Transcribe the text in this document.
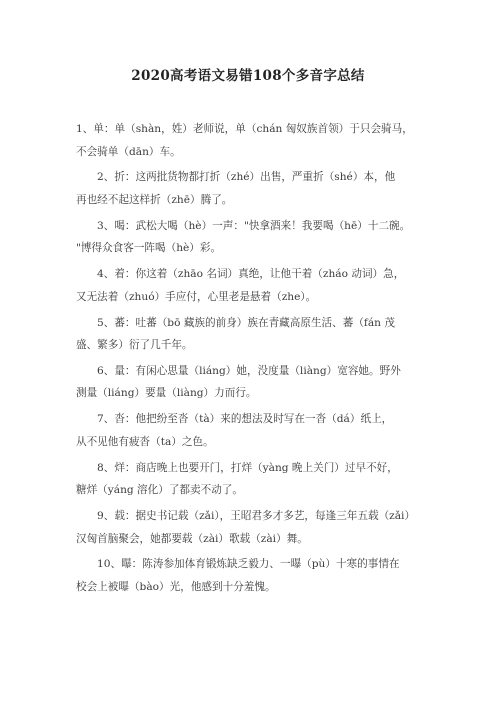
2020高考语文易错108个多音字总结

1、单：单（shàn，姓）老师说，单（chán 匈奴族首领）于只会骑马，
不会骑单（dān）车。

2、折：这两批货物都打折（zhé）出售，严重折（shé）本，他
再也经不起这样折（zhē）腾了。

3、喝：武松大喝（hè）一声："快拿酒来！我要喝（hē）十二碗。
"博得众食客一阵喝（hè）彩。

4、着：你这着（zhāo 名词）真绝，让他干着（zháo 动词）急，
又无法着（zhuó）手应付，心里老是悬着（zhe）。

5、蕃：吐蕃（bō 藏族的前身）族在青藏高原生活、蕃（fán 茂
盛、繁多）衍了几千年。

6、量：有闲心思量（liáng）她，没度量（liàng）宽容她。野外
测量（liáng）要量（liàng）力而行。

7、沓：他把纷至沓（tà）来的想法及时写在一沓（dá）纸上，
从不见他有疲沓（ta）之色。

8、烊：商店晚上也要开门，打烊（yàng 晚上关门）过早不好，
糖烊（yáng 溶化）了都卖不动了。

9、载：据史书记载（zǎi），王昭君多才多艺，每逢三年五载（zǎi）
汉匈首脑聚会，她都要载（zài）歌载（zài）舞。

10、曝：陈涛参加体育锻炼缺乏毅力、一曝（pù）十寒的事情在
校会上被曝（bào）光，他感到十分羞愧。
